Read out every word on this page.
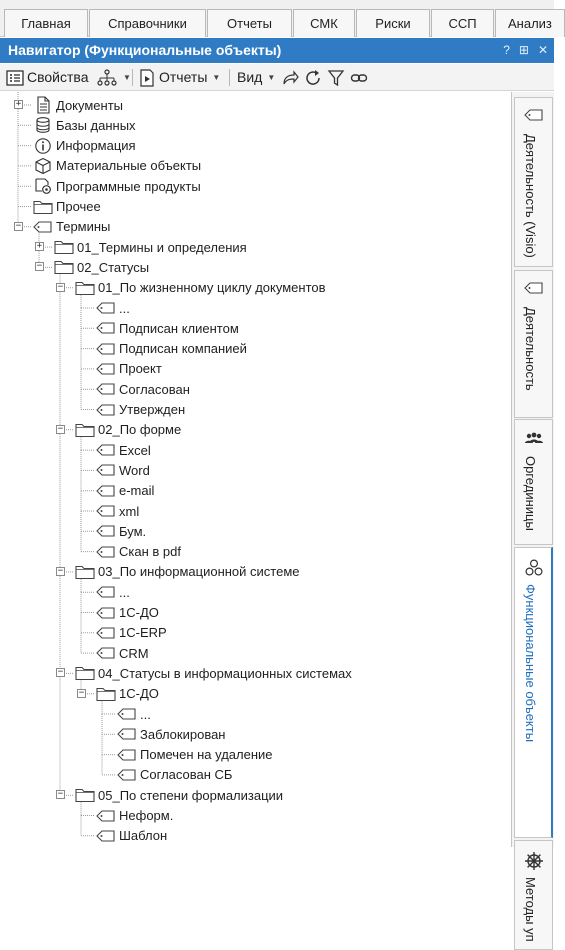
Главная	Справочники	Отчеты	СМК	Риски	ССП	Анализ
Навигатор (Функциональные объекты)	? ⊞ ✕
Свойства	▼ Отчеты ▼ Вид ▼
Документы
+
Базы данных
Информация
Материальные объекты
Программные продукты
Прочее
Термины
−
01_Термины и определения
+
02_Статусы
−
01_По жизненному циклу документов
−
...
Подписан клиентом
Подписан компанией
Проект
Согласован
Утвержден
02_По форме
−
Excel
Word
e-mail
xml
Бум.
Скан в pdf
03_По информационной системе
−
...
1С-ДО
1С-ERP
CRM
04_Статусы в информационных системах
−
1С-ДО
−
...
Заблокирован
Помечен на удаление
Согласован СБ
05_По степени формализации
−
Неформ.
Шаблон
Деятельность (Visio)
Деятельность
Оргединицы
Функциональные объекты
Методы уп
